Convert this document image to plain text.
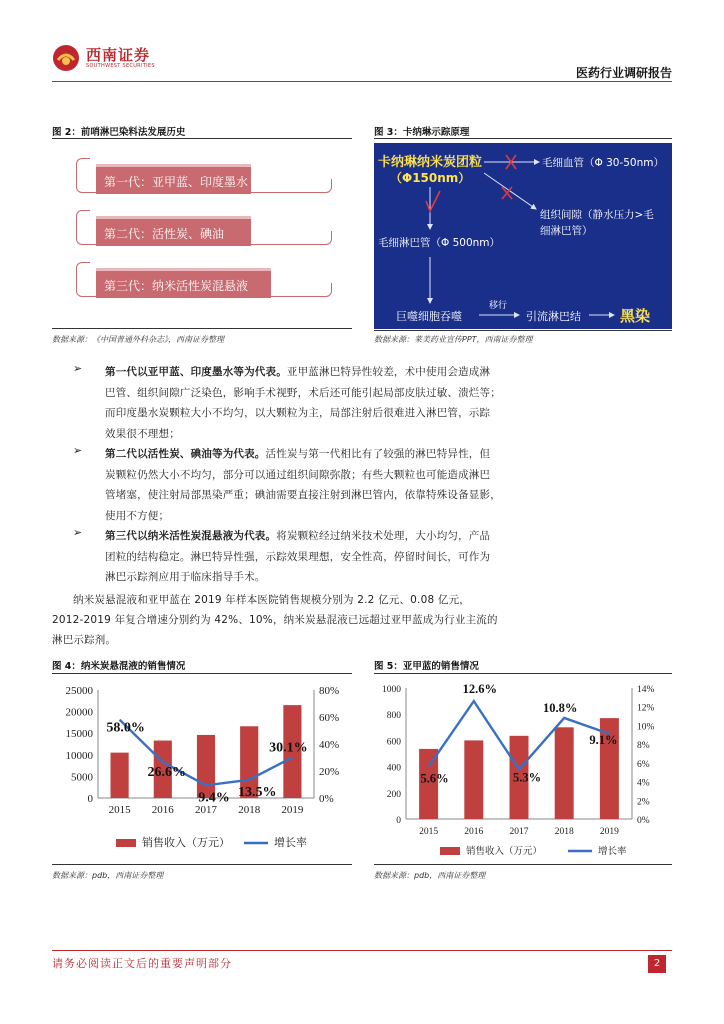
西南证券
SOUTHWEST SECURITIES	医药行业调研报告
图 2：前哨淋巴染料法发展历史
第一代：亚甲蓝、印度墨水
第二代：活性炭、碘油
第三代：纳米活性炭混悬液
数据来源：《中国普通外科杂志》，西南证券整理
图 3：卡纳琳示踪原理
卡纳琳纳米炭团粒
（Φ150nm）
毛细血管（Φ 30-50nm）
组织间隙（静水压力>毛
细淋巴管）
毛细淋巴管（Φ 500nm）
巨噬细胞吞噬
移行
引流淋巴结	黑染
数据来源：莱美药业宣传PPT，西南证券整理
➢ 第一代以亚甲蓝、印度墨水等为代表。亚甲蓝淋巴特异性较差，术中使用会造成淋
巴管、组织间隙广泛染色，影响手术视野，术后还可能引起局部皮肤过敏、溃烂等；
而印度墨水炭颗粒大小不均匀，以大颗粒为主，局部注射后很难进入淋巴管，示踪
效果很不理想；
➢ 第二代以活性炭、碘油等为代表。活性炭与第一代相比有了较强的淋巴特异性，但
炭颗粒仍然大小不均匀，部分可以通过组织间隙弥散；有些大颗粒也可能造成淋巴
管堵塞，使注射局部黑染严重；碘油需要直接注射到淋巴管内，依靠特殊设备显影，
使用不方便；
➢ 第三代以纳米活性炭混悬液为代表。将炭颗粒经过纳米技术处理，大小均匀，产品
团粒的结构稳定。淋巴特异性强，示踪效果理想，安全性高，停留时间长，可作为
淋巴示踪剂应用于临床指导手术。
纳米炭悬混液和亚甲蓝在 2019 年样本医院销售规模分别为 2.2 亿元、0.08 亿元，
2012-2019 年复合增速分别约为 42%、10%，纳米炭悬混液已远超过亚甲蓝成为行业主流的
淋巴示踪剂。
图 4：纳米炭悬混液的销售情况
0
5000
10000
15000
20000
25000
0%
20%
40%
60%
80%
2015 2016 2017 2018 2019
58.0%
26.6%
9.4% 13.5%
30.1%
销售收入（万元）	增长率
数据来源：pdb，西南证券整理
图 5：亚甲蓝的销售情况
0
200
400
600
800
1000
0%
2%
4%
6%
8%
10%
12%
14%
2015	2016	2017	2018	2019
5.6%
12.6%
5.3%
10.8%
9.1%
销售收入（万元）	增长率
数据来源：pdb，西南证券整理
请务必阅读正文后的重要声明部分	2
